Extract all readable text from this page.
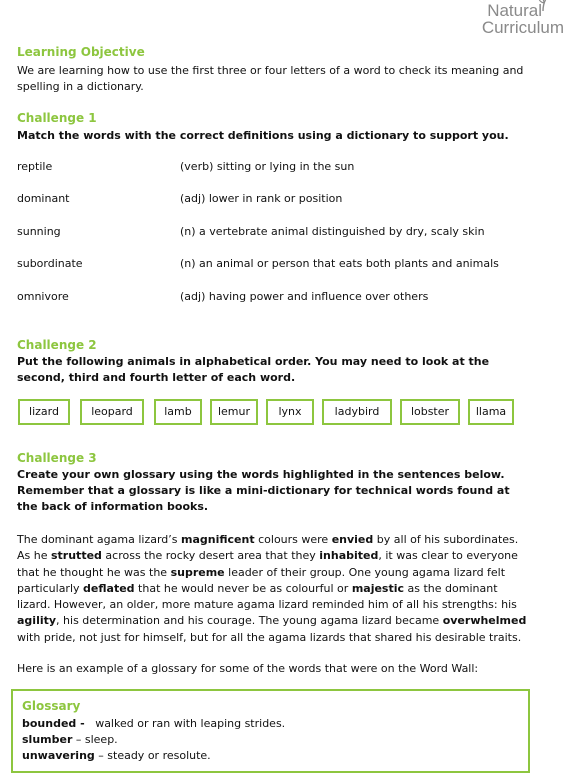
Natural
Curriculum
Learning Objective
We are learning how to use the first three or four letters of a word to check its meaning and spelling in a dictionary.
Challenge 1
Match the words with the correct definitions using a dictionary to support you.
reptile	(verb) sitting or lying in the sun
dominant	(adj) lower in rank or position
sunning	(n) a vertebrate animal distinguished by dry, scaly skin
subordinate	(n) an animal or person that eats both plants and animals
omnivore	(adj) having power and influence over others
Challenge 2
Put the following animals in alphabetical order. You may need to look at the second, third and fourth letter of each word.
lizard	leopard	lamb	lemur	lynx	ladybird	lobster	llama
Challenge 3
Create your own glossary using the words highlighted in the sentences below. Remember that a glossary is like a mini-dictionary for technical words found at the back of information books.
The dominant agama lizard’s magnificent colours were envied by all of his subordinates. As he strutted across the rocky desert area that they inhabited, it was clear to everyone that he thought he was the supreme leader of their group. One young agama lizard felt particularly deflated that he would never be as colourful or majestic as the dominant lizard. However, an older, more mature agama lizard reminded him of all his strengths: his agility, his determination and his courage. The young agama lizard became overwhelmed with pride, not just for himself, but for all the agama lizards that shared his desirable traits.
Here is an example of a glossary for some of the words that were on the Word Wall:
Glossary
bounded -   walked or ran with leaping strides.
slumber – sleep.
unwavering – steady or resolute.
